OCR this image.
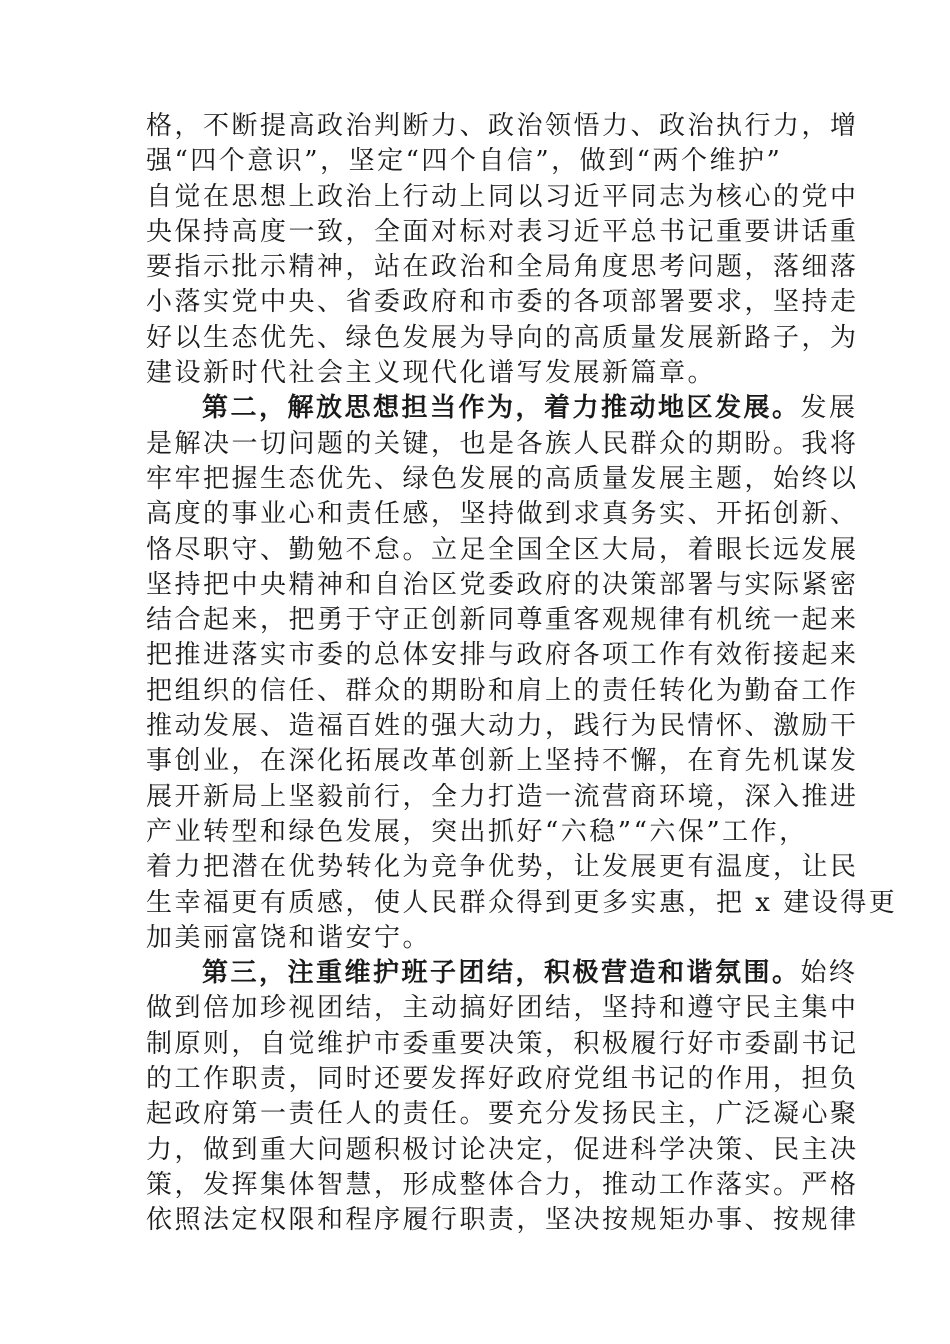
格，不断提高政治判断力、政治领悟力、政治执行力，增
强“四个意识”，坚定“四个自信”，做到“两个维护”
自觉在思想上政治上行动上同以习近平同志为核心的党中
央保持高度一致，全面对标对表习近平总书记重要讲话重
要指示批示精神，站在政治和全局角度思考问题，落细落
小落实党中央、省委政府和市委的各项部署要求，坚持走
好以生态优先、绿色发展为导向的高质量发展新路子，为
建设新时代社会主义现代化谱写发展新篇章。
第二，解放思想担当作为，着力推动地区发展。发展
是解决一切问题的关键，也是各族人民群众的期盼。我将
牢牢把握生态优先、绿色发展的高质量发展主题，始终以
高度的事业心和责任感，坚持做到求真务实、开拓创新、
恪尽职守、勤勉不怠。立足全国全区大局，着眼长远发展
坚持把中央精神和自治区党委政府的决策部署与实际紧密
结合起来，把勇于守正创新同尊重客观规律有机统一起来
把推进落实市委的总体安排与政府各项工作有效衔接起来
把组织的信任、群众的期盼和肩上的责任转化为勤奋工作
推动发展、造福百姓的强大动力，践行为民情怀、激励干
事创业，在深化拓展改革创新上坚持不懈，在育先机谋发
展开新局上坚毅前行，全力打造一流营商环境，深入推进
产业转型和绿色发展，突出抓好“六稳”“六保”工作，
着力把潜在优势转化为竞争优势，让发展更有温度，让民
生幸福更有质感，使人民群众得到更多实惠，把 x 建设得更
加美丽富饶和谐安宁。
第三，注重维护班子团结，积极营造和谐氛围。始终
做到倍加珍视团结，主动搞好团结，坚持和遵守民主集中
制原则，自觉维护市委重要决策，积极履行好市委副书记
的工作职责，同时还要发挥好政府党组书记的作用，担负
起政府第一责任人的责任。要充分发扬民主，广泛凝心聚
力，做到重大问题积极讨论决定，促进科学决策、民主决
策，发挥集体智慧，形成整体合力，推动工作落实。严格
依照法定权限和程序履行职责，坚决按规矩办事、按规律
